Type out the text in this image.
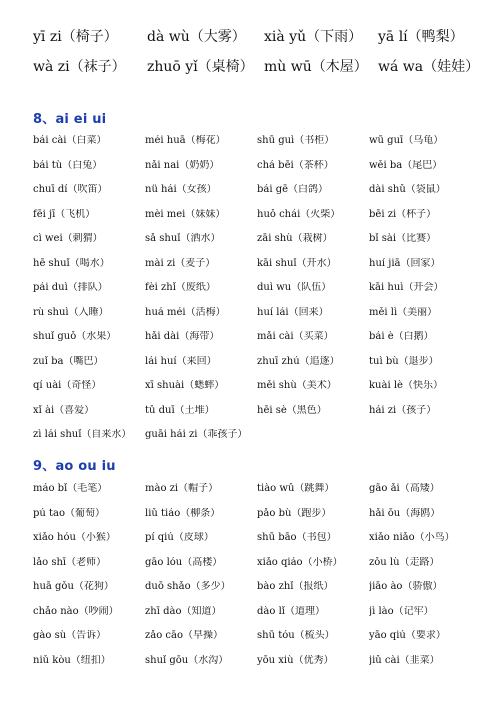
yī zi（椅子）	dà wù（大雾）	xià yǔ（下雨）	yā lí（鸭梨）
wà zi（袜子）	zhuō yǐ（桌椅） mù wū（木屋） wá wa（娃娃）
8、ai ei ui
bái cài（白菜）	méi huā（梅花）	shū guì（书柜）	wū guī（乌龟）
bái tù（白兔）	nǎi nai（奶奶）	chá bēi（茶杯）	wěi ba（尾巴）
chuī dí（吹笛）	nǚ hái（女孩）	bái gē（白鸽）	dài shǔ（袋鼠）
fēi jī（飞机）	mèi mei（妹妹）	huǒ chái（火柴）	bēi zi（杯子）
cì wei（刺猬）	sǎ shuǐ（洒水）	zāi shù（栽树）	bǐ sài（比赛）
hē shuǐ（喝水）	mài zi（麦子）	kāi shuǐ（开水）	huí jiā（回家）
pái duì（排队）	fèi zhǐ（废纸）	duì wu（队伍）	kāi huì（开会）
rù shuì（入睡）	huá méi（活梅）	huí lái（回来）	měi lì（美丽）
shuǐ guǒ（水果）	hǎi dài（海带）	mǎi cài（买菜）	bái è（白鹅）
zuǐ ba（嘴巴）	lái huí（来回）	zhuī zhú（追逐）	tuì bù（退步）
qí uài（奇怪）	xī shuài（蟋蟀）	měi shù（美术）	kuài lè（快乐）
xǐ ài（喜爱）	tǔ duī（土堆）	hēi sè（黑色）	hái zi（孩子）
zì lái shuǐ（自来水）	guāi hái zi（乖孩子）
9、ao ou iu
máo bǐ（毛笔）	mào zi（帽子）	tiào wǔ（跳舞）	gāo ǎi（高矮）
pú tao（葡萄）	liǔ tiáo（柳条）	pǎo bù（跑步）	hǎi ōu（海鸥）
xiǎo hóu（小猴）	pí qiú（皮球）	shū bāo（书包）	xiǎo niǎo（小鸟）
lǎo shī（老师）	gāo lóu（高楼）	xiǎo qiáo（小桥）	zǒu lù（走路）
huā gǒu（花狗）	duō shǎo（多少）	bào zhǐ（报纸）	jiāo ào（骄傲）
chǎo nào（吵闹）	zhī dào（知道）	dào lǐ（道理）	jì lào（记牢）
gào sù（告诉）	zǎo cāo（早操）	shū tóu（梳头）	yāo qiú（要求）
niǔ kòu（纽扣）	shuǐ gōu（水沟）	yōu xiù（优秀）	jiǔ cài（韭菜）
